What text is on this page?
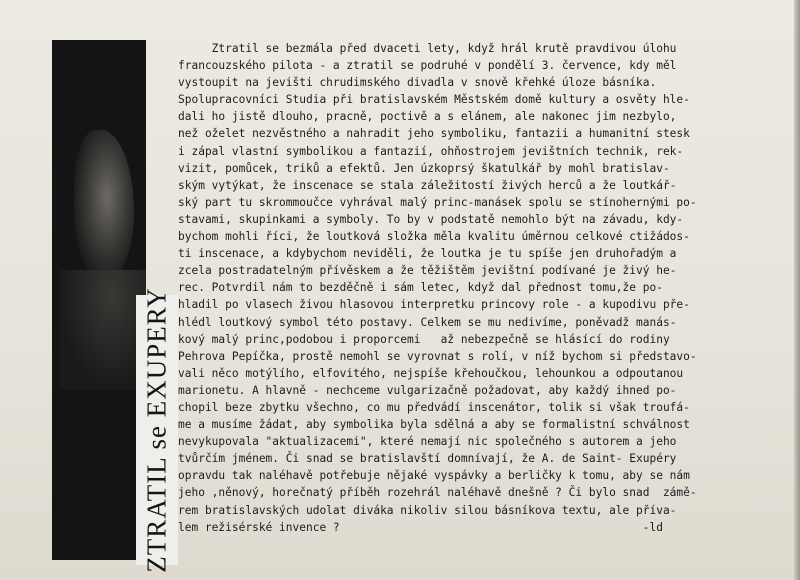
ZTRATIL se EXUPERY
Ztratil se bezmála před dvaceti lety, když hrál krutě pravdivou úlohu
francouzského pilota - a ztratil se podruhé v pondělí 3. července, kdy měl
vystoupit na jevišti chrudimského divadla v snově křehké úloze básníka.
Spolupracovníci Studia při bratislavském Městském domě kultury a osvěty hle-
dali ho jistě dlouho, pracně, poctivě a s elánem, ale nakonec jim nezbylo,
než oželet nezvěstného a nahradit jeho symboliku, fantazii a humanitní stesk
i zápal vlastní symbolikou a fantazií, ohňostrojem jevištních technik, rek-
vizit, pomůcek, triků a efektů. Jen úzkoprsý škatulkář by mohl bratislav-
ským vytýkat, že inscenace se stala záležitostí živých herců a že loutkář-
ský part tu skrommoučce vyhrával malý princ-manásek spolu se stínohernými po-
stavami, skupinkami a symboly. To by v podstatě nemohlo být na závadu, kdy-
bychom mohli říci, že loutková složka měla kvalitu úměrnou celkové ctižádos-
ti inscenace, a kdybychom neviděli, že loutka je tu spíše jen druhořadým a
zcela postradatelným přívěskem a že těžištěm jevištní podívané je živý he-
rec. Potvrdil nám to bezděčně i sám letec, když dal přednost tomu,že po-
hladil po vlasech živou hlasovou interpretku princovy role - a kupodivu pře-
hlédl loutkový symbol této postavy. Celkem se mu nedivíme, poněvadž manás-
kový malý princ,podobou i proporcemi   až nebezpečně se hlásící do rodiny
Pehrova Pepíčka, prostě nemohl se vyrovnat s rolí, v níž bychom si představo-
vali něco motýlího, elfovitého, nejspíše křehoučkou, lehounkou a odpoutanou
marionetu. A hlavně - nechceme vulgarizačně požadovat, aby každý ihned po-
chopil beze zbytku všechno, co mu předvádí inscenátor, tolik si však troufá-
me a musíme žádat, aby symbolika byla sdělná a aby se formalistní schválnost
nevykupovala "aktualizacemi", které nemají nic společného s autorem a jeho
tvůrčím jménem. Či snad se bratislavští domnívají, že A. de Saint- Exupéry
opravdu tak naléhavě potřebuje nějaké vyspávky a berličky k tomu, aby se nám
jeho ,něnový, horečnatý příběh rozehrál naléhavě dnešně ? Či bylo snad  zámě-
rem bratislavských udolat diváka nikoliv silou básníkova textu, ale příva-
lem režisérské invence ?                                             -ld
